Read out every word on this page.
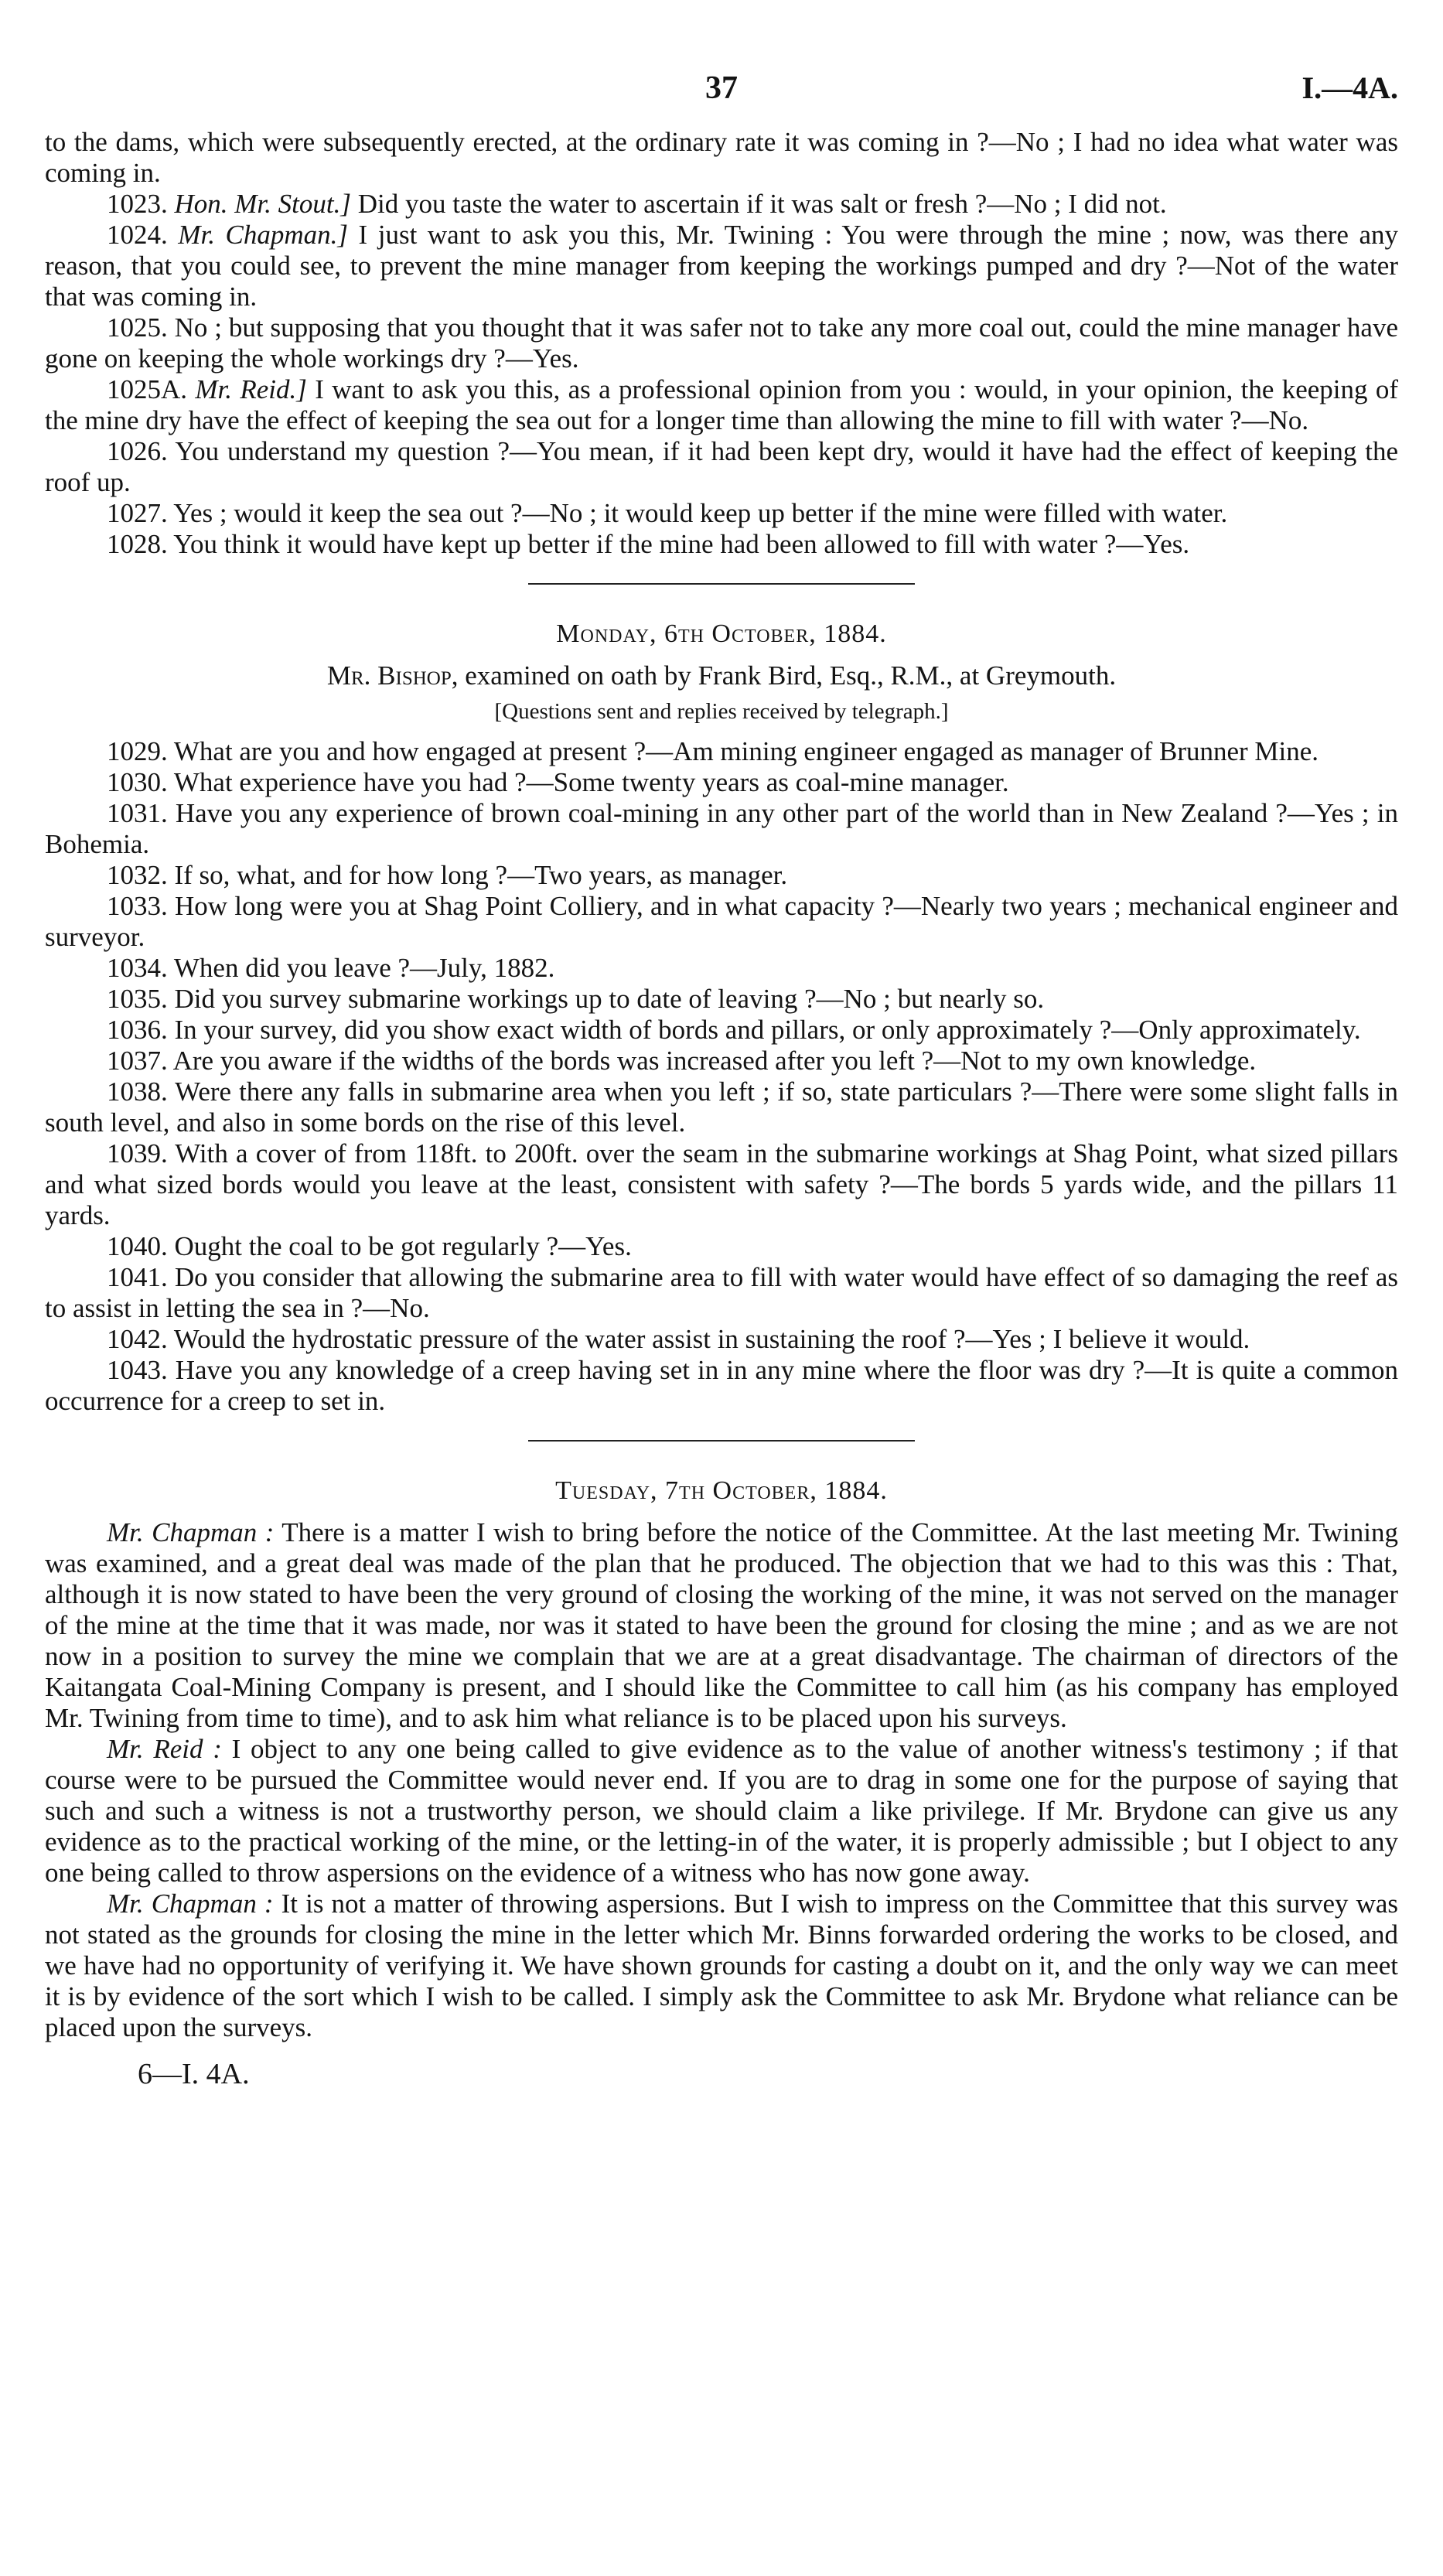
37	I.—4A.

to the dams, which were subsequently erected, at the ordinary rate it was coming in ?—No ; I had no idea what water was coming in.

1023. Hon. Mr. Stout.] Did you taste the water to ascertain if it was salt or fresh ?—No ; I did not.

1024. Mr. Chapman.] I just want to ask you this, Mr. Twining : You were through the mine ; now, was there any reason, that you could see, to prevent the mine manager from keeping the workings pumped and dry ?—Not of the water that was coming in.

1025. No ; but supposing that you thought that it was safer not to take any more coal out, could the mine manager have gone on keeping the whole workings dry ?—Yes.

1025A. Mr. Reid.] I want to ask you this, as a professional opinion from you : would, in your opinion, the keeping of the mine dry have the effect of keeping the sea out for a longer time than allowing the mine to fill with water ?—No.

1026. You understand my question ?—You mean, if it had been kept dry, would it have had the effect of keeping the roof up.

1027. Yes ; would it keep the sea out ?—No ; it would keep up better if the mine were filled with water.

1028. You think it would have kept up better if the mine had been allowed to fill with water ?—Yes.

Monday, 6th October, 1884.
Mr. Bishop, examined on oath by Frank Bird, Esq., R.M., at Greymouth.
[Questions sent and replies received by telegraph.]

1029. What are you and how engaged at present ?—Am mining engineer engaged as manager of Brunner Mine.

1030. What experience have you had ?—Some twenty years as coal-mine manager.

1031. Have you any experience of brown coal-mining in any other part of the world than in New Zealand ?—Yes ; in Bohemia.

1032. If so, what, and for how long ?—Two years, as manager.

1033. How long were you at Shag Point Colliery, and in what capacity ?—Nearly two years ; mechanical engineer and surveyor.

1034. When did you leave ?—July, 1882.

1035. Did you survey submarine workings up to date of leaving ?—No ; but nearly so.

1036. In your survey, did you show exact width of bords and pillars, or only approximately ?—Only approximately.

1037. Are you aware if the widths of the bords was increased after you left ?—Not to my own knowledge.

1038. Were there any falls in submarine area when you left ; if so, state particulars ?—There were some slight falls in south level, and also in some bords on the rise of this level.

1039. With a cover of from 118ft. to 200ft. over the seam in the submarine workings at Shag Point, what sized pillars and what sized bords would you leave at the least, consistent with safety ?—The bords 5 yards wide, and the pillars 11 yards.

1040. Ought the coal to be got regularly ?—Yes.

1041. Do you consider that allowing the submarine area to fill with water would have effect of so damaging the reef as to assist in letting the sea in ?—No.

1042. Would the hydrostatic pressure of the water assist in sustaining the roof ?—Yes ; I believe it would.

1043. Have you any knowledge of a creep having set in in any mine where the floor was dry ?—It is quite a common occurrence for a creep to set in.

Tuesday, 7th October, 1884.

Mr. Chapman : There is a matter I wish to bring before the notice of the Committee. At the last meeting Mr. Twining was examined, and a great deal was made of the plan that he produced. The objection that we had to this was this : That, although it is now stated to have been the very ground of closing the working of the mine, it was not served on the manager of the mine at the time that it was made, nor was it stated to have been the ground for closing the mine ; and as we are not now in a position to survey the mine we complain that we are at a great disadvantage. The chairman of directors of the Kaitangata Coal-Mining Company is present, and I should like the Committee to call him (as his company has employed Mr. Twining from time to time), and to ask him what reliance is to be placed upon his surveys.

Mr. Reid : I object to any one being called to give evidence as to the value of another witness's testimony ; if that course were to be pursued the Committee would never end. If you are to drag in some one for the purpose of saying that such and such a witness is not a trustworthy person, we should claim a like privilege. If Mr. Brydone can give us any evidence as to the practical working of the mine, or the letting-in of the water, it is properly admissible ; but I object to any one being called to throw aspersions on the evidence of a witness who has now gone away.

Mr. Chapman : It is not a matter of throwing aspersions. But I wish to impress on the Committee that this survey was not stated as the grounds for closing the mine in the letter which Mr. Binns forwarded ordering the works to be closed, and we have had no opportunity of verifying it. We have shown grounds for casting a doubt on it, and the only way we can meet it is by evidence of the sort which I wish to be called. I simply ask the Committee to ask Mr. Brydone what reliance can be placed upon the surveys.

6—I. 4A.
